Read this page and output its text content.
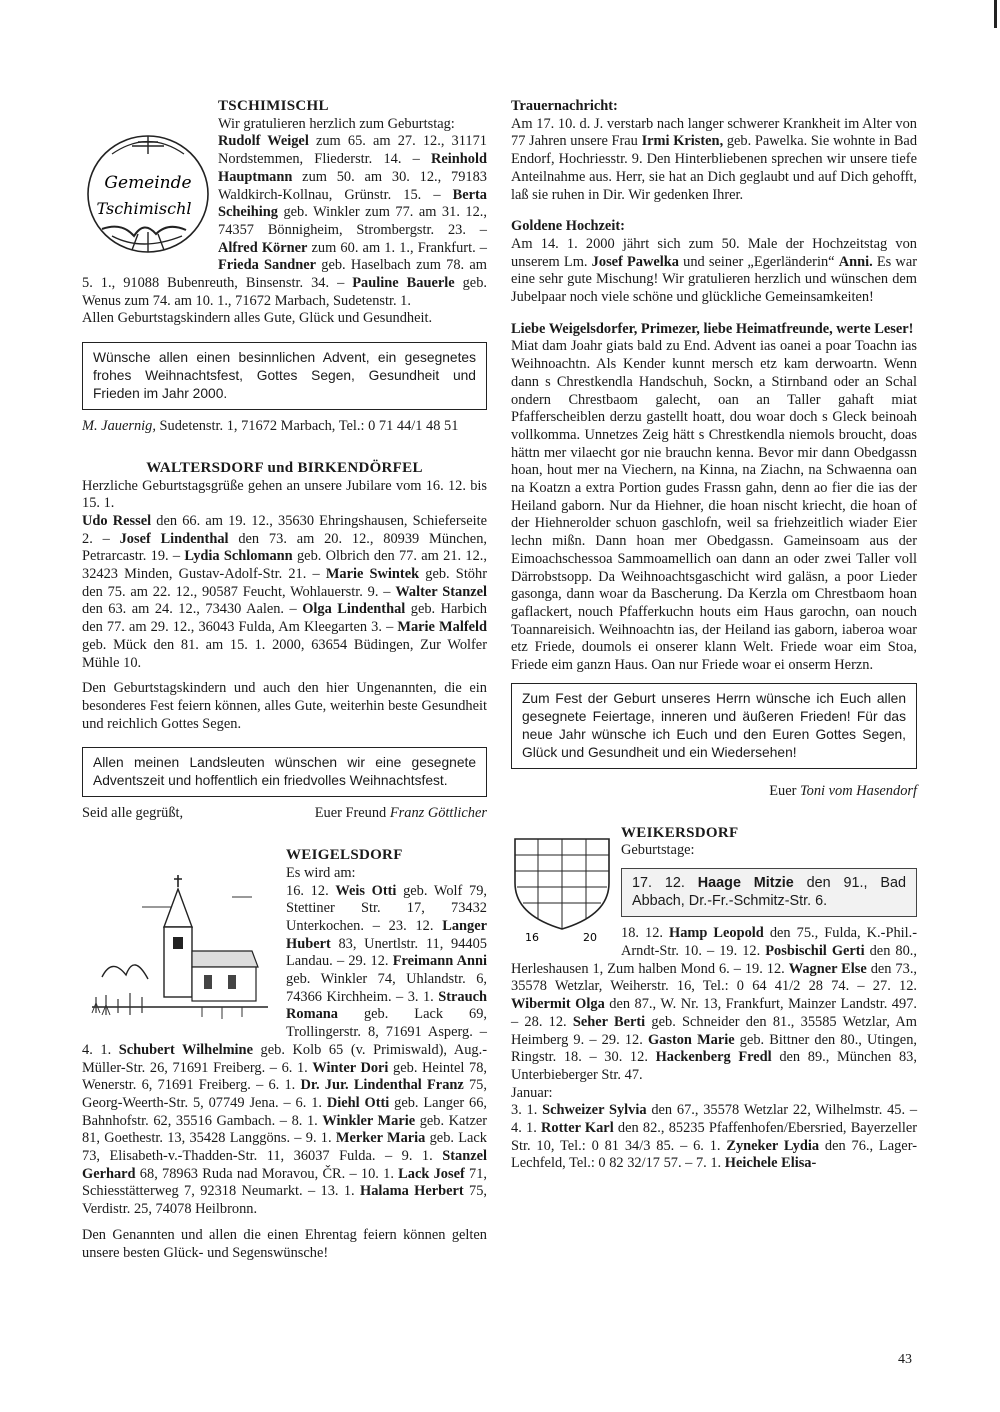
Gemeinde
Tschimischl

TSCHIMISCHL

Wir gratulieren herzlich zum Geburtstag:
Rudolf Weigel zum 65. am 27. 12., 31171 Nordstemmen, Fliederstr. 14. – Reinhold Hauptmann zum 50. am 30. 12., 79183 Waldkirch-Kollnau, Grünstr. 15. – Berta Scheihing geb. Winkler zum 77. am 31. 12., 74357 Bönnigheim, Strombergstr. 23. – Alfred Körner zum 60. am 1. 1., Frankfurt. – Frieda Sandner geb. Haselbach zum 78. am 5. 1., 91088 Bubenreuth, Binsenstr. 34. – Pauline Bauerle geb. Wenus zum 74. am 10. 1., 71672 Marbach, Sudetenstr. 1.

Allen Geburtstagskindern alles Gute, Glück und Gesundheit.

Wünsche allen einen besinnlichen Advent, ein gesegnetes frohes Weihnachtsfest, Gottes Segen, Gesundheit und Frieden im Jahr 2000.

M. Jauernig, Sudetenstr. 1, 71672 Marbach, Tel.: 0 71 44/1 48 51

WALTERSDORF und BIRKENDÖRFEL

Herzliche Geburtstagsgrüße gehen an unsere Jubilare vom 16. 12. bis 15. 1.
Udo Ressel den 66. am 19. 12., 35630 Ehringshausen, Schieferseite 2. – Josef Lindenthal den 73. am 20. 12., 80939 München, Petrarcastr. 19. – Lydia Schlomann geb. Olbrich den 77. am 21. 12., 32423 Minden, Gustav-Adolf-Str. 21. – Marie Swintek geb. Stöhr den 75. am 22. 12., 90587 Feucht, Wohlauerstr. 9. – Walter Stanzel den 63. am 24. 12., 73430 Aalen. – Olga Lindenthal geb. Harbich den 77. am 29. 12., 36043 Fulda, Am Kleegarten 3. – Marie Malfeld geb. Mück den 81. am 15. 1. 2000, 63654 Büdingen, Zur Wolfer Mühle 10.

Den Geburtstagskindern und auch den hier Ungenannten, die ein besonderes Fest feiern können, alles Gute, weiterhin beste Gesundheit und reichlich Gottes Segen.

Allen meinen Landsleuten wünschen wir eine gesegnete Adventszeit und hoffentlich ein friedvolles Weihnachtsfest.
Seid alle gegrüßt,	Euer Freund Franz Göttlicher

WEIGELSDORF

Es wird am:
16. 12. Weis Otti geb. Wolf 79, Stettiner Str. 17, 73432 Unterkochen. – 23. 12. Langer Hubert 83, Unertlstr. 11, 94405 Landau. – 29. 12. Freimann Anni geb. Winkler 74, Uhlandstr. 6, 74366 Kirchheim. – 3. 1. Strauch Romana geb. Lack 69, Trollingerstr. 8, 71691 Asperg. – 4. 1. Schubert Wilhelmine geb. Kolb 65 (v. Primiswald), Aug.-Müller-Str. 26, 71691 Freiberg. – 6. 1. Winter Dori geb. Heintel 78, Wenerstr. 6, 71691 Freiberg. – 6. 1. Dr. Jur. Lindenthal Franz 75, Georg-Weerth-Str. 5, 07749 Jena. – 6. 1. Diehl Otti geb. Langer 66, Bahnhofstr. 62, 35516 Gambach. – 8. 1. Winkler Marie geb. Katzer 81, Goethestr. 13, 35428 Langgöns. – 9. 1. Merker Maria geb. Lack 73, Elisabeth-v.-Thadden-Str. 11, 36037 Fulda. – 9. 1. Stanzel Gerhard 68, 78963 Ruda nad Moravou, ČR. – 10. 1. Lack Josef 71, Schiesstätterweg 7, 92318 Neumarkt. – 13. 1. Halama Herbert 75, Verdistr. 25, 74078 Heilbronn.

Den Genannten und allen die einen Ehrentag feiern können gelten unsere besten Glück- und Segenswünsche!

Trauernachricht:

Am 17. 10. d. J. verstarb nach langer schwerer Krankheit im Alter von 77 Jahren unsere Frau Irmi Kristen, geb. Pawelka. Sie wohnte in Bad Endorf, Hochriesstr. 9. Den Hinterbliebenen sprechen wir unsere tiefe Anteilnahme aus. Herr, sie hat an Dich geglaubt und auf Dich gehofft, laß sie ruhen in Dir. Wir gedenken Ihrer.

Goldene Hochzeit:

Am 14. 1. 2000 jährt sich zum 50. Male der Hochzeitstag von unserem Lm. Josef Pawelka und seiner „Egerländerin“ Anni. Es war eine sehr gute Mischung! Wir gratulieren herzlich und wünschen dem Jubelpaar noch viele schöne und glückliche Gemeinsamkeiten!

Liebe Weigelsdorfer, Primezer, liebe Heimatfreunde, werte Leser!

Miat dam Joahr giats bald zu End. Advent ias oanei a poar Toachn ias Weihnoachtn. Als Kender kunnt mersch etz kam derwoartn. Wenn dann s Chrestkendla Handschuh, Sockn, a Stirnband oder an Schal ondern Chrestbaom galecht, oan an Taller gahaft miat Pfafferscheiblen derzu gastellt hoatt, dou woar doch s Gleck beinoah vollkomma. Unnetzes Zeig hätt s Chrestkendla niemols broucht, doas hättn mer vilaecht gor nie brauchn kenna. Bevor mir dann Obedgassn hoan, hout mer na Viechern, na Kinna, na Ziachn, na Schwaenna oan na Koatzn a extra Portion gudes Frassn gahn, denn ao fier die ias der Heiland gaborn. Nur da Hiehner, die hoan nischt kriecht, die hoan of der Hiehnerolder schuon gaschlofn, weil sa friehzeitlich wiader Eier lechn mißn. Dann hoan mer Obedgassn. Gameinsoam aus der Eimoachschessoa Sammoamellich oan dann an oder zwei Taller voll Därrobstsopp. Da Weihnoachtsgaschicht wird galäsn, a poor Lieder gasonga, dann woar da Bascherung. Da Kerzla om Chrestbaom hoan gaflackert, nouch Pfafferkuchn houts eim Haus garochn, oan nouch Toannareisich. Weihnoachtn ias, der Heiland ias gaborn, iaberoa woar etz Friede, doumols ei onserer klann Welt. Friede woar eim Stoa, Friede eim ganzn Haus. Oan nur Friede woar ei onserm Herzn.

Zum Fest der Geburt unseres Herrn wünsche ich Euch allen gesegnete Feiertage, inneren und äußeren Frieden! Für das neue Jahr wünsche ich Euch und den Euren Gottes Segen, Glück und Gesundheit und ein Wiedersehen!

Euer Toni vom Hasendorf

16	20

WEIKERSDORF

Geburtstage:

17. 12. Haage Mitzie den 91., Bad Abbach, Dr.-Fr.-Schmitz-Str. 6.

18. 12. Hamp Leopold den 75., Fulda, K.-Phil.-Arndt-Str. 10. – 19. 12. Posbischil Gerti den 80., Herleshausen 1, Zum halben Mond 6. – 19. 12. Wagner Else den 73., 35578 Wetzlar, Weiherstr. 16, Tel.: 0 64 41/2 28 74. – 27. 12. Wibermit Olga den 87., W. Nr. 13, Frankfurt, Mainzer Landstr. 497. – 28. 12. Seher Berti geb. Schneider den 81., 35585 Wetzlar, Am Heimberg 9. – 29. 12. Gaston Marie geb. Bittner den 80., Utingen, Ringstr. 18. – 30. 12. Hackenberg Fredl den 89., München 83, Unterbieberger Str. 47.

Januar:

3. 1. Schweizer Sylvia den 67., 35578 Wetzlar 22, Wilhelmstr. 45. – 4. 1. Rotter Karl den 82., 85235 Pfaffenhofen/Ebersried, Bayerzeller Str. 10, Tel.: 0 81 34/3 85. – 6. 1. Zyneker Lydia den 76., Lager-Lechfeld, Tel.: 0 82 32/17 57. – 7. 1. Heichele Elisa-

43
